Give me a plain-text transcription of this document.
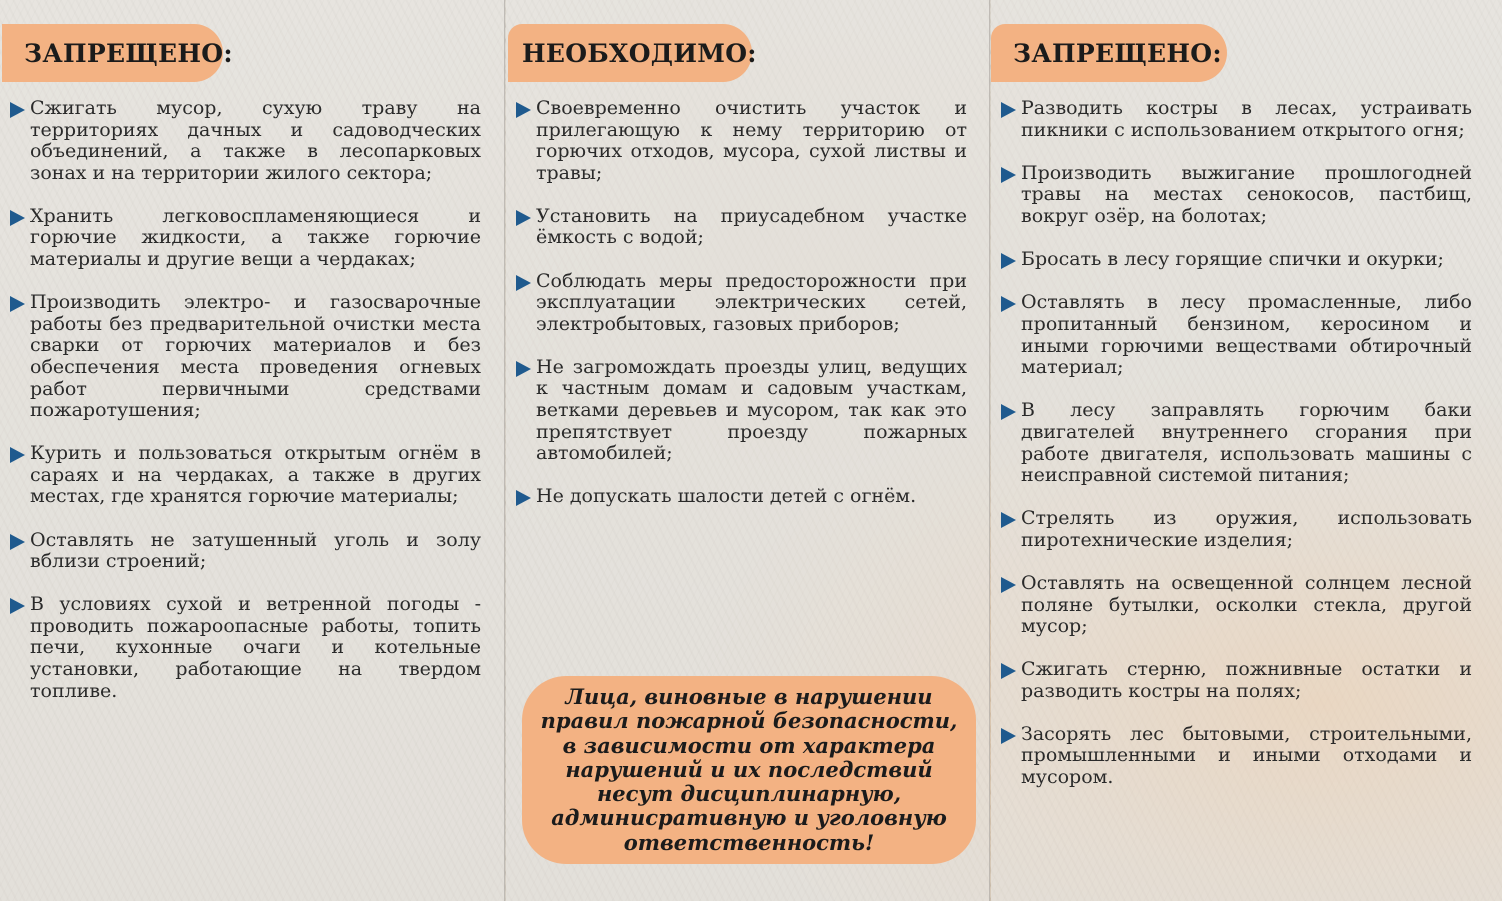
ЗАПРЕЩЕНО:
Сжигать мусор, сухую траву на территориях дачных и садоводческих объединений, а также в лесопарковых зонах и на территории жилого сектора;
Хранить легковоспламеняющиеся и горючие жидкости, а также горючие материалы и другие вещи а чердаках;
Производить электро- и газосварочные работы без предварительной очистки места сварки от горючих материалов и без обеспечения места проведения огневых работ первичными средствами пожаротушения;
Курить и пользоваться открытым огнём в сараях и на чердаках, а также в других местах, где хранятся горючие материалы;
Оставлять не затушенный уголь и золу вблизи строений;
В условиях сухой и ветренной погоды - проводить пожароопасные работы, топить печи, кухонные очаги и котельные установки, работающие на твердом топливе.
НЕОБХОДИМО:
Своевременно очистить участок и прилегающую к нему территорию от горючих отходов, мусора, сухой листвы и травы;
Установить на приусадебном участке ёмкость с водой;
Соблюдать меры предосторожности при эксплуатации электрических сетей, электробытовых, газовых приборов;
Не загромождать проезды улиц, ведущих к частным домам и садовым участкам, ветками деревьев и мусором, так как это препятствует проезду пожарных автомобилей;
Не допускать шалости детей с огнём.
Лица, виновные в нарушении правил пожарной безопасности, в зависимости от характера нарушений и их последствий несут дисциплинарную, админисративную и уголовную ответственность!
ЗАПРЕЩЕНО:
Разводить костры в лесах, устраивать пикники с использованием открытого огня;
Производить выжигание прошлогодней травы на местах сенокосов, пастбищ, вокруг озёр, на болотах;
Бросать в лесу горящие спички и окурки;
Оставлять в лесу промасленные, либо пропитанный бензином, керосином и иными горючими веществами обтирочный материал;
В лесу заправлять горючим баки двигателей внутреннего сгорания при работе двигателя, использовать машины с неисправной системой питания;
Стрелять из оружия, использовать пиротехнические изделия;
Оставлять на освещенной солнцем лесной поляне бутылки, осколки стекла, другой мусор;
Сжигать стерню, пожнивные остатки и разводить костры на полях;
Засорять лес бытовыми, строительными, промышленными и иными отходами и мусором.
